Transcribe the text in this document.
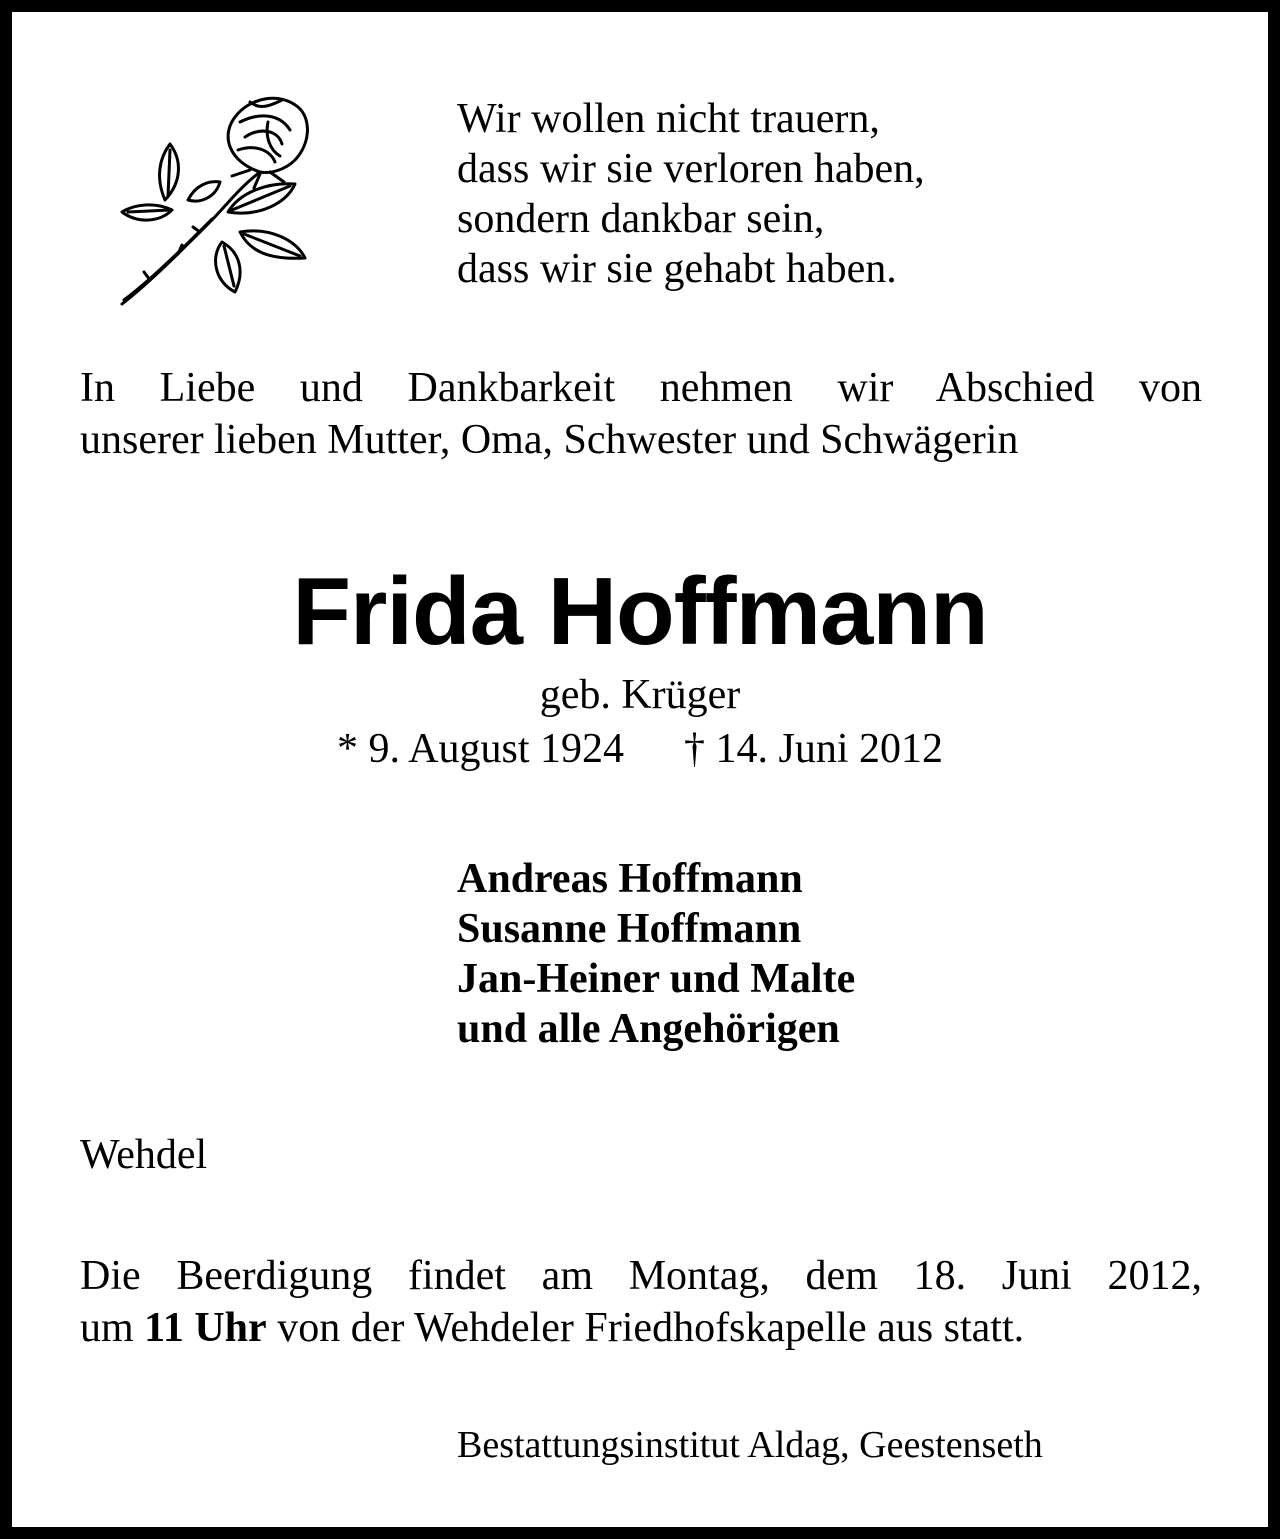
Wir wollen nicht trauern,
dass wir sie verloren haben,
sondern dankbar sein,
dass wir sie gehabt haben.
In Liebe und Dankbarkeit nehmen wir Abschied von
unserer lieben Mutter, Oma, Schwester und Schwägerin
Frida Hoffmann
geb. Krüger
* 9. August 1924 † 14. Juni 2012
Andreas Hoffmann
Susanne Hoffmann
Jan-Heiner und Malte
und alle Angehörigen
Wehdel
Die Beerdigung findet am Montag, dem 18. Juni 2012,
um 11 Uhr von der Wehdeler Friedhofskapelle aus statt.
Bestattungsinstitut Aldag, Geestenseth
